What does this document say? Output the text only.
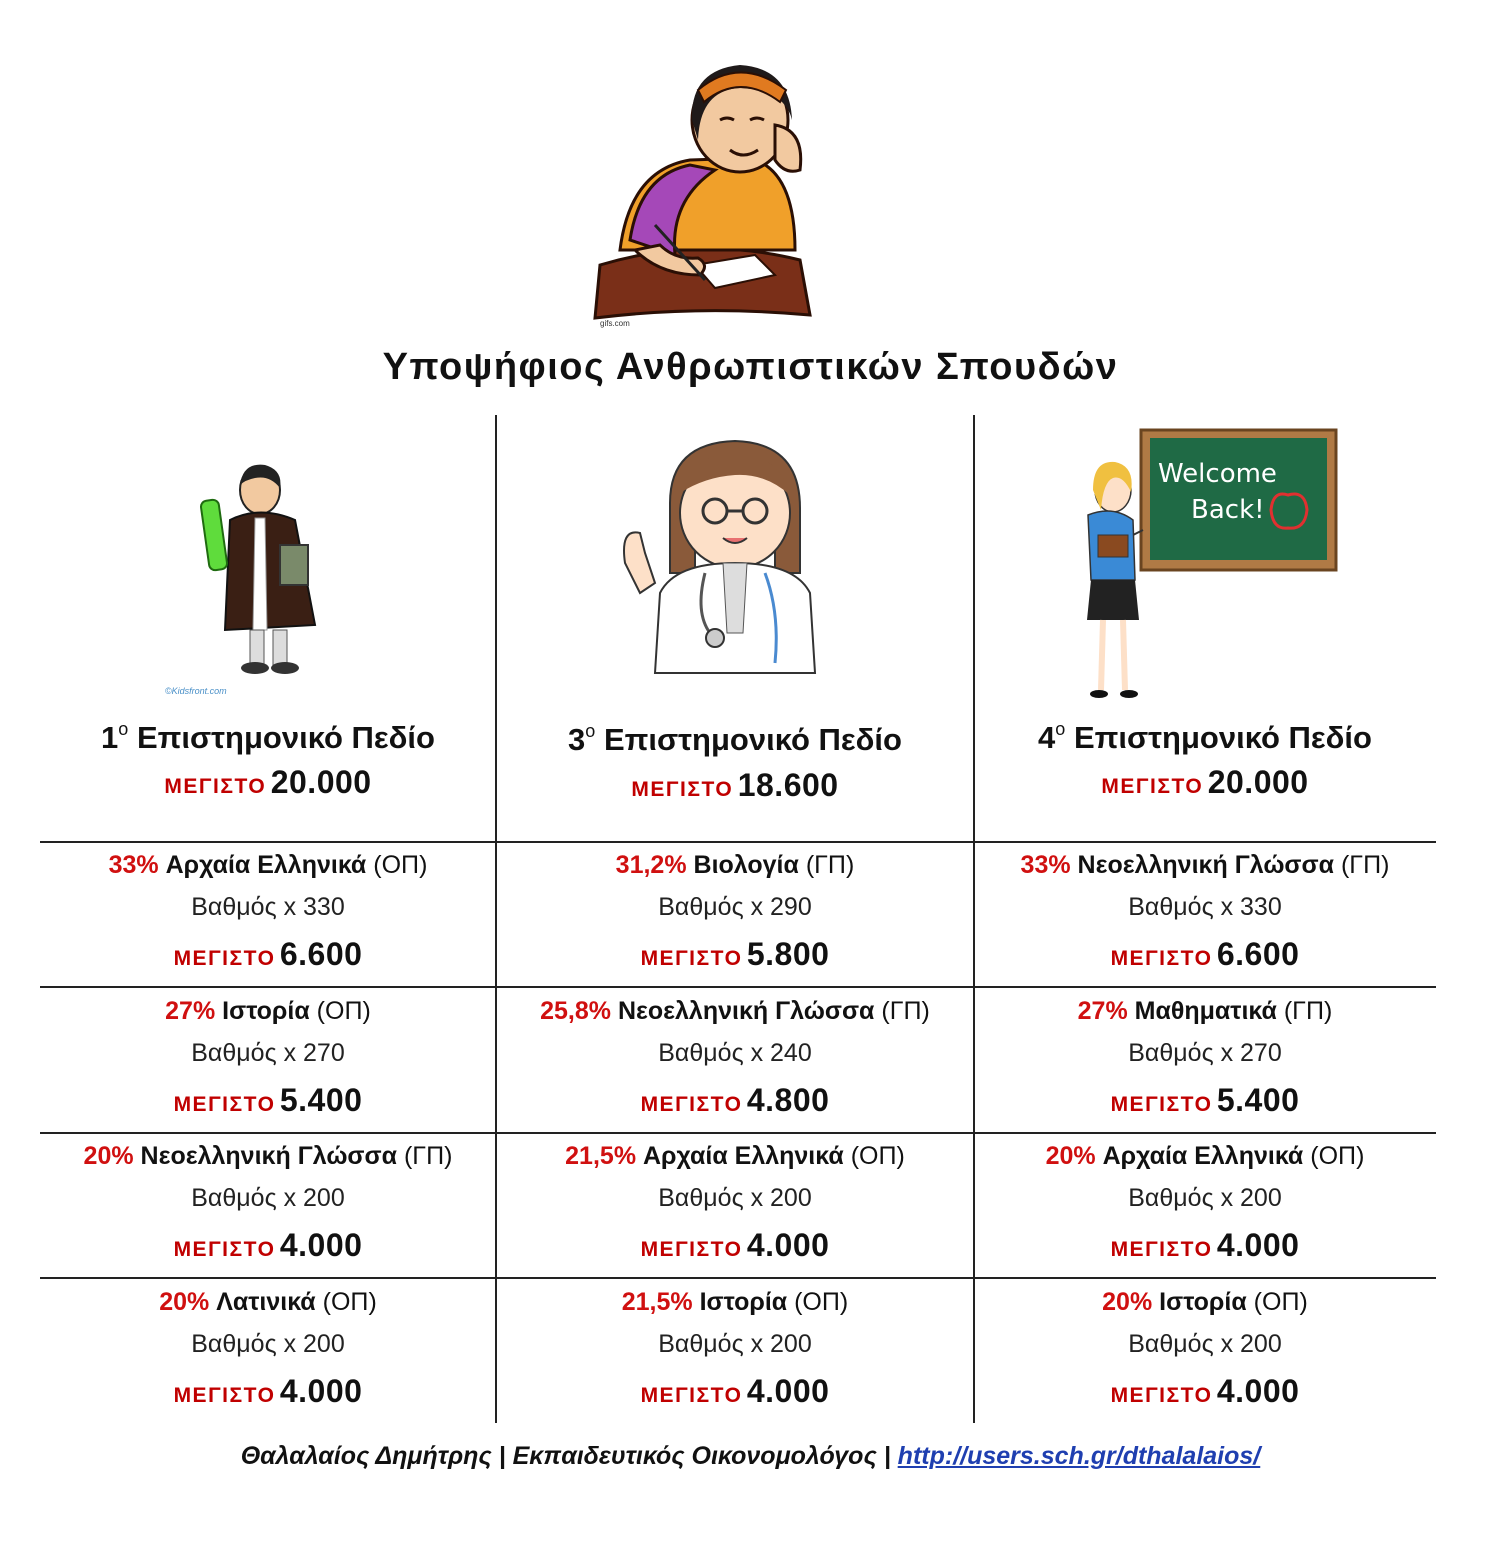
gifs.com
Υποψήφιος Ανθρωπιστικών Σπουδών
©Kidsfront.com
Welcome
Back!
$1^o$ Επιστημονικό Πεδίο
ΜΕΓΙΣΤΟ 20.000
$3^o$ Επιστημονικό Πεδίο
ΜΕΓΙΣΤΟ 18.600
$4^o$ Επιστημονικό Πεδίο
ΜΕΓΙΣΤΟ 20.000
33% Αρχαία Ελληνικά (ΟΠ)
Βαθμός x 330
ΜΕΓΙΣΤΟ 6.600
27% Ιστορία (ΟΠ)
Βαθμός x 270
ΜΕΓΙΣΤΟ 5.400
20% Νεοελληνική Γλώσσα (ΓΠ)
Βαθμός x 200
ΜΕΓΙΣΤΟ 4.000
20% Λατινικά (ΟΠ)
Βαθμός x 200
ΜΕΓΙΣΤΟ 4.000
31,2% Βιολογία (ΓΠ)
Βαθμός x 290
ΜΕΓΙΣΤΟ 5.800
25,8% Νεοελληνική Γλώσσα (ΓΠ)
Βαθμός x 240
ΜΕΓΙΣΤΟ 4.800
21,5% Αρχαία Ελληνικά (ΟΠ)
Βαθμός x 200
ΜΕΓΙΣΤΟ 4.000
21,5% Ιστορία (ΟΠ)
Βαθμός x 200
ΜΕΓΙΣΤΟ 4.000
33% Νεοελληνική Γλώσσα (ΓΠ)
Βαθμός x 330
ΜΕΓΙΣΤΟ 6.600
27% Μαθηματικά (ΓΠ)
Βαθμός x 270
ΜΕΓΙΣΤΟ 5.400
20% Αρχαία Ελληνικά (ΟΠ)
Βαθμός x 200
ΜΕΓΙΣΤΟ 4.000
20% Ιστορία (ΟΠ)
Βαθμός x 200
ΜΕΓΙΣΤΟ 4.000
Θαλαλαίος Δημήτρης | Εκπαιδευτικός Οικονομολόγος | http://users.sch.gr/dthalalaios/
